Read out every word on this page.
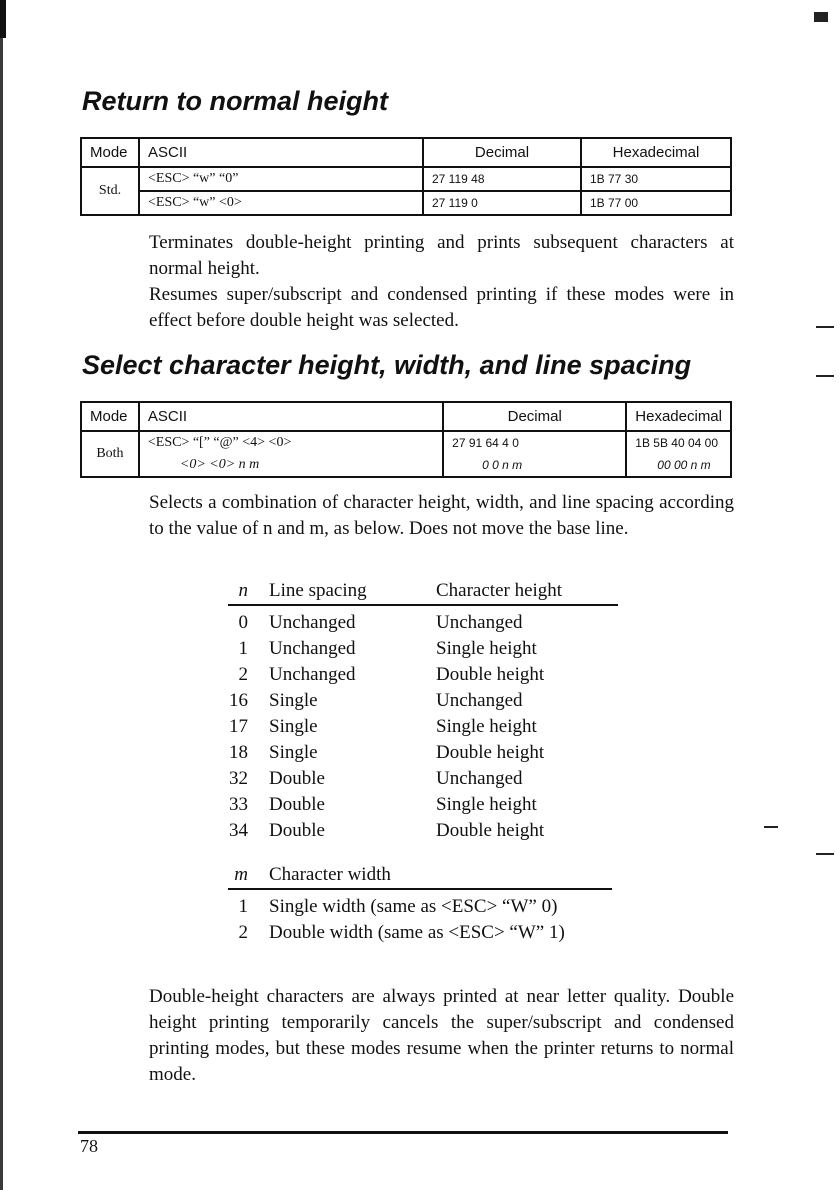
Return to normal height
Mode	ASCII	Decimal	Hexadecimal
Std.	<ESC> “w” “0”	27 119 48	1B 77 30
	<ESC> “w” <0>	27 119 0	1B 77 00

Terminates double-height printing and prints subsequent characters at normal height.

Resumes super/subscript and condensed printing if these modes were in effect before double height was selected.

Select character height, width, and line spacing
Mode	ASCII	Decimal	Hexadecimal
Both	<ESC> “[” “@” <4> <0>	27 91 64 4 0	1B 5B 40 04 00
	<0> <0> n m	0 0 n m	00 00 n m

Selects a combination of character height, width, and line spacing according to the value of n and m, as below. Does not move the base line.

n Line spacing	Character height
0 Unchanged	Unchanged
1 Unchanged	Single height
2 Unchanged	Double height
16 Single	Unchanged
17 Single	Single height
18 Single	Double height
32 Double	Unchanged
33 Double	Single height
34 Double	Double height
m Character width
1 Single width (same as <ESC> “W” 0)
2 Double width (same as <ESC> “W” 1)

Double-height characters are always printed at near letter quality. Double height printing temporarily cancels the super/subscript and condensed printing modes, but these modes resume when the printer returns to normal mode.

78
